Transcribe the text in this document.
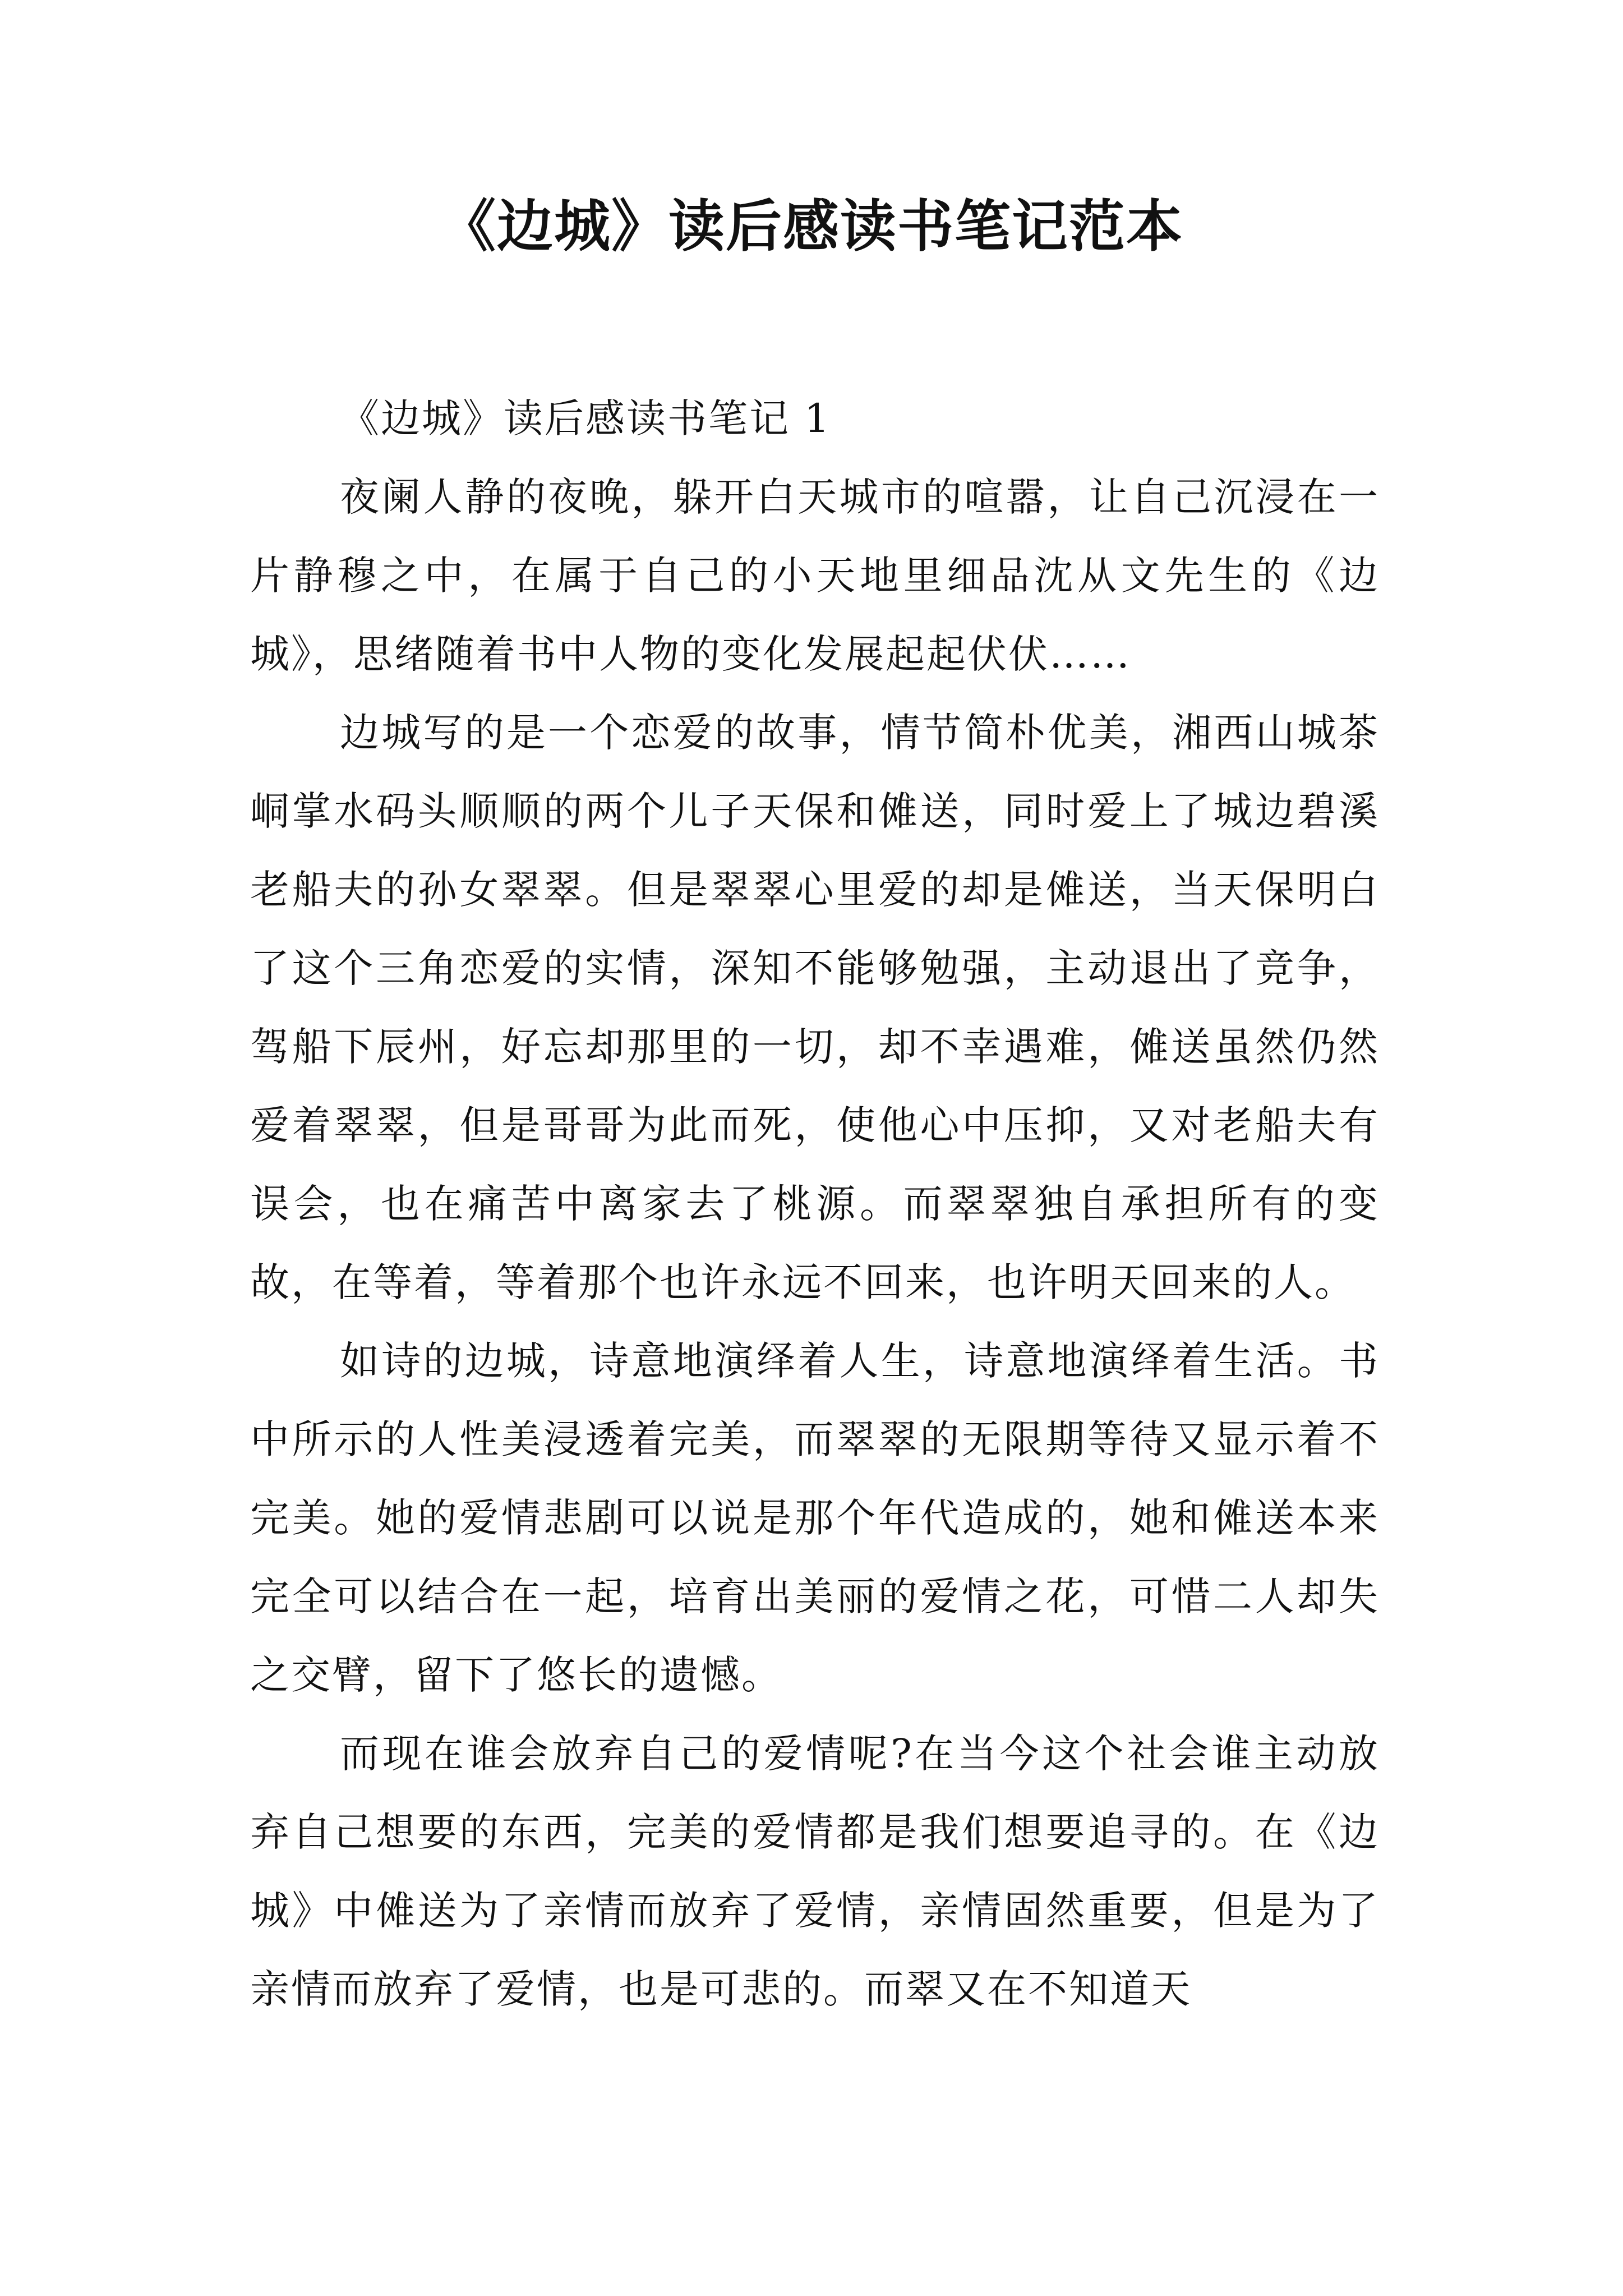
《边城》读后感读书笔记范本

《边城》读后感读书笔记 1

夜阑人静的夜晚，躲开白天城市的喧嚣，让自己沉浸在一片静穆之中，在属于自己的小天地里细品沈从文先生的《边城》，思绪随着书中人物的变化发展起起伏伏……

边城写的是一个恋爱的故事，情节简朴优美，湘西山城茶峒掌水码头顺顺的两个儿子天保和傩送，同时爱上了城边碧溪老船夫的孙女翠翠。但是翠翠心里爱的却是傩送，当天保明白了这个三角恋爱的实情，深知不能够勉强，主动退出了竞争，驾船下辰州，好忘却那里的一切，却不幸遇难，傩送虽然仍然爱着翠翠，但是哥哥为此而死，使他心中压抑，又对老船夫有误会，也在痛苦中离家去了桃源。而翠翠独自承担所有的变故，在等着，等着那个也许永远不回来，也许明天回来的人。

如诗的边城，诗意地演绎着人生，诗意地演绎着生活。书中所示的人性美浸透着完美，而翠翠的无限期等待又显示着不完美。她的爱情悲剧可以说是那个年代造成的，她和傩送本来完全可以结合在一起，培育出美丽的爱情之花，可惜二人却失之交臂，留下了悠长的遗憾。

而现在谁会放弃自己的爱情呢?在当今这个社会谁主动放弃自己想要的东西，完美的爱情都是我们想要追寻的。在《边城》中傩送为了亲情而放弃了爱情，亲情固然重要，但是为了亲情而放弃了爱情，也是可悲的。而翠又在不知道天
